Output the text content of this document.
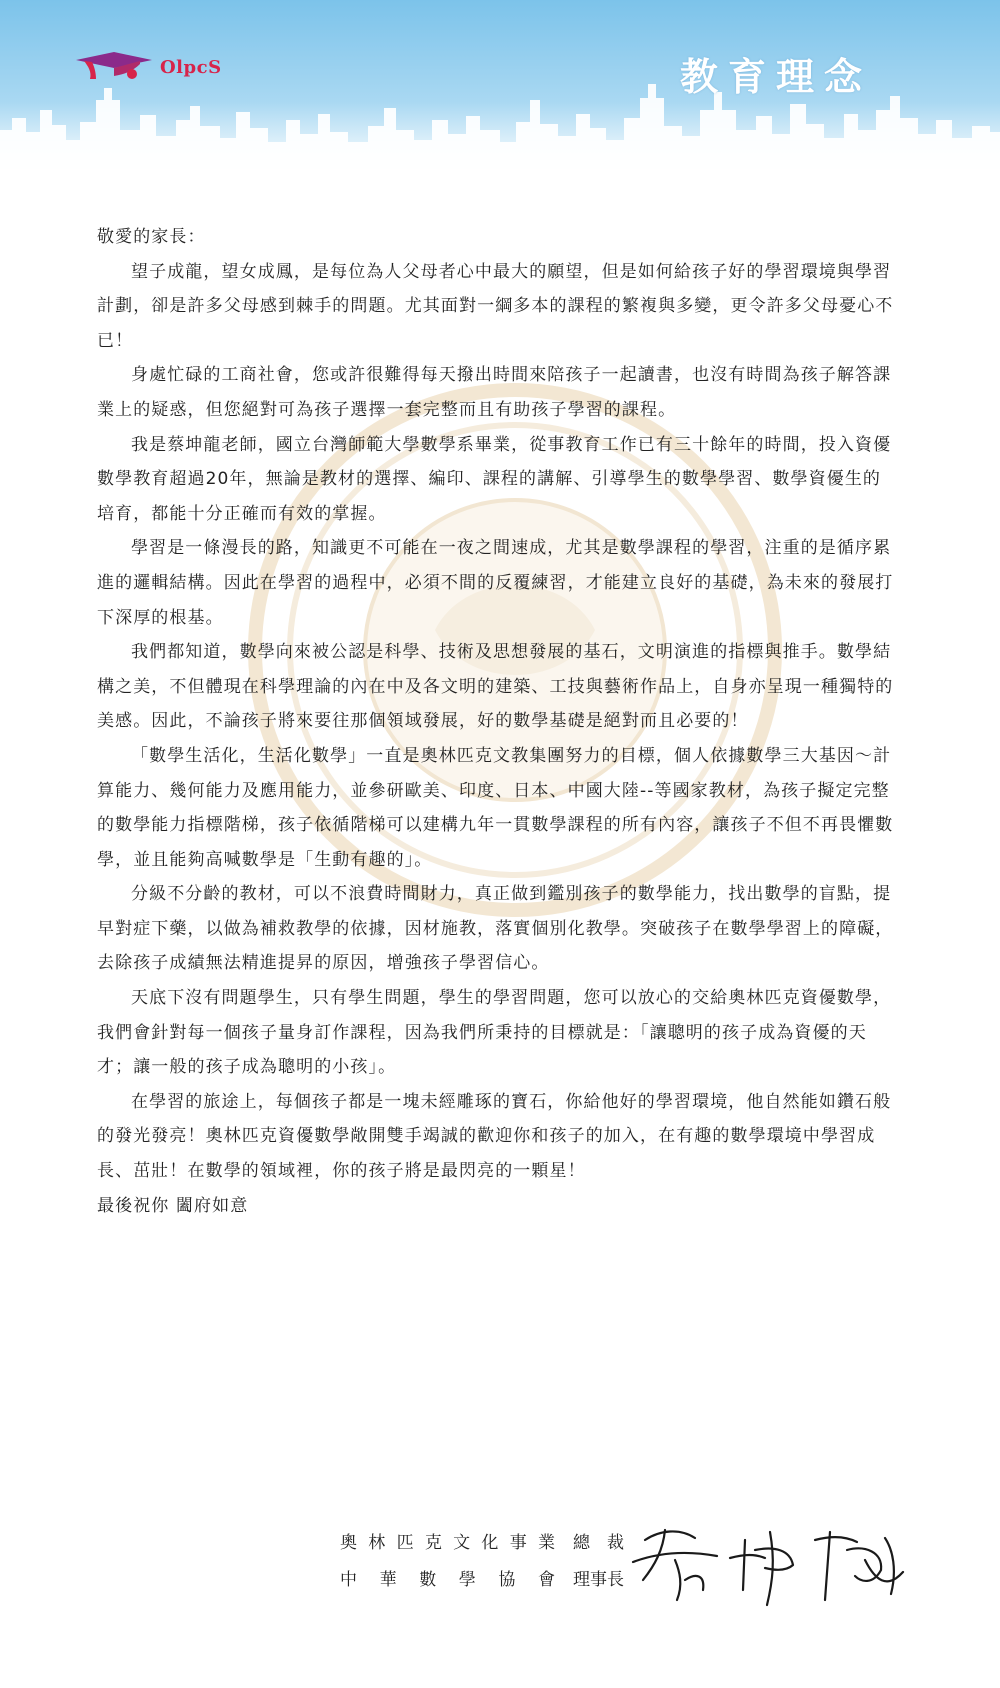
OlpcS	教育理念

敬愛的家長：

望子成龍，望女成鳳，是每位為人父母者心中最大的願望，但是如何給孩子好的學習環境與學習計劃，卻是許多父母感到棘手的問題。尤其面對一綱多本的課程的繁複與多變，更令許多父母憂心不已！

身處忙碌的工商社會，您或許很難得每天撥出時間來陪孩子一起讀書，也沒有時間為孩子解答課業上的疑惑，但您絕對可為孩子選擇一套完整而且有助孩子學習的課程。

我是蔡坤龍老師，國立台灣師範大學數學系畢業，從事教育工作已有三十餘年的時間，投入資優數學教育超過20年，無論是教材的選擇、編印、課程的講解、引導學生的數學學習、數學資優生的培育，都能十分正確而有效的掌握。

學習是一條漫長的路，知識更不可能在一夜之間速成，尤其是數學課程的學習，注重的是循序累進的邏輯結構。因此在學習的過程中，必須不間的反覆練習，才能建立良好的基礎，為未來的發展打下深厚的根基。

我們都知道，數學向來被公認是科學、技術及思想發展的基石，文明演進的指標與推手。數學結構之美，不但體現在科學理論的內在中及各文明的建築、工技與藝術作品上，自身亦呈現一種獨特的美感。因此，不論孩子將來要往那個領域發展，好的數學基礎是絕對而且必要的！

「數學生活化，生活化數學」一直是奧林匹克文教集團努力的目標，個人依據數學三大基因～計算能力、幾何能力及應用能力，並參研歐美、印度、日本、中國大陸--等國家教材，為孩子擬定完整的數學能力指標階梯，孩子依循階梯可以建構九年一貫數學課程的所有內容，讓孩子不但不再畏懼數學，並且能夠高喊數學是「生動有趣的」。

分級不分齡的教材，可以不浪費時間財力，真正做到鑑別孩子的數學能力，找出數學的盲點，提早對症下藥，以做為補救教學的依據，因材施教，落實個別化教學。突破孩子在數學學習上的障礙，去除孩子成績無法精進提昇的原因，增強孩子學習信心。

天底下沒有問題學生，只有學生問題，學生的學習問題，您可以放心的交給奧林匹克資優數學，我們會針對每一個孩子量身訂作課程，因為我們所秉持的目標就是：「讓聰明的孩子成為資優的天才；讓一般的孩子成為聰明的小孩」。

在學習的旅途上，每個孩子都是一塊未經雕琢的寶石，你給他好的學習環境，他自然能如鑽石般的發光發亮！奧林匹克資優數學敞開雙手竭誠的歡迎你和孩子的加入，在有趣的數學環境中學習成長、茁壯！在數學的領域裡，你的孩子將是最閃亮的一顆星！

最後祝你 闔府如意

奧林匹克文化事業 總　裁
中華數學協會 理事長
